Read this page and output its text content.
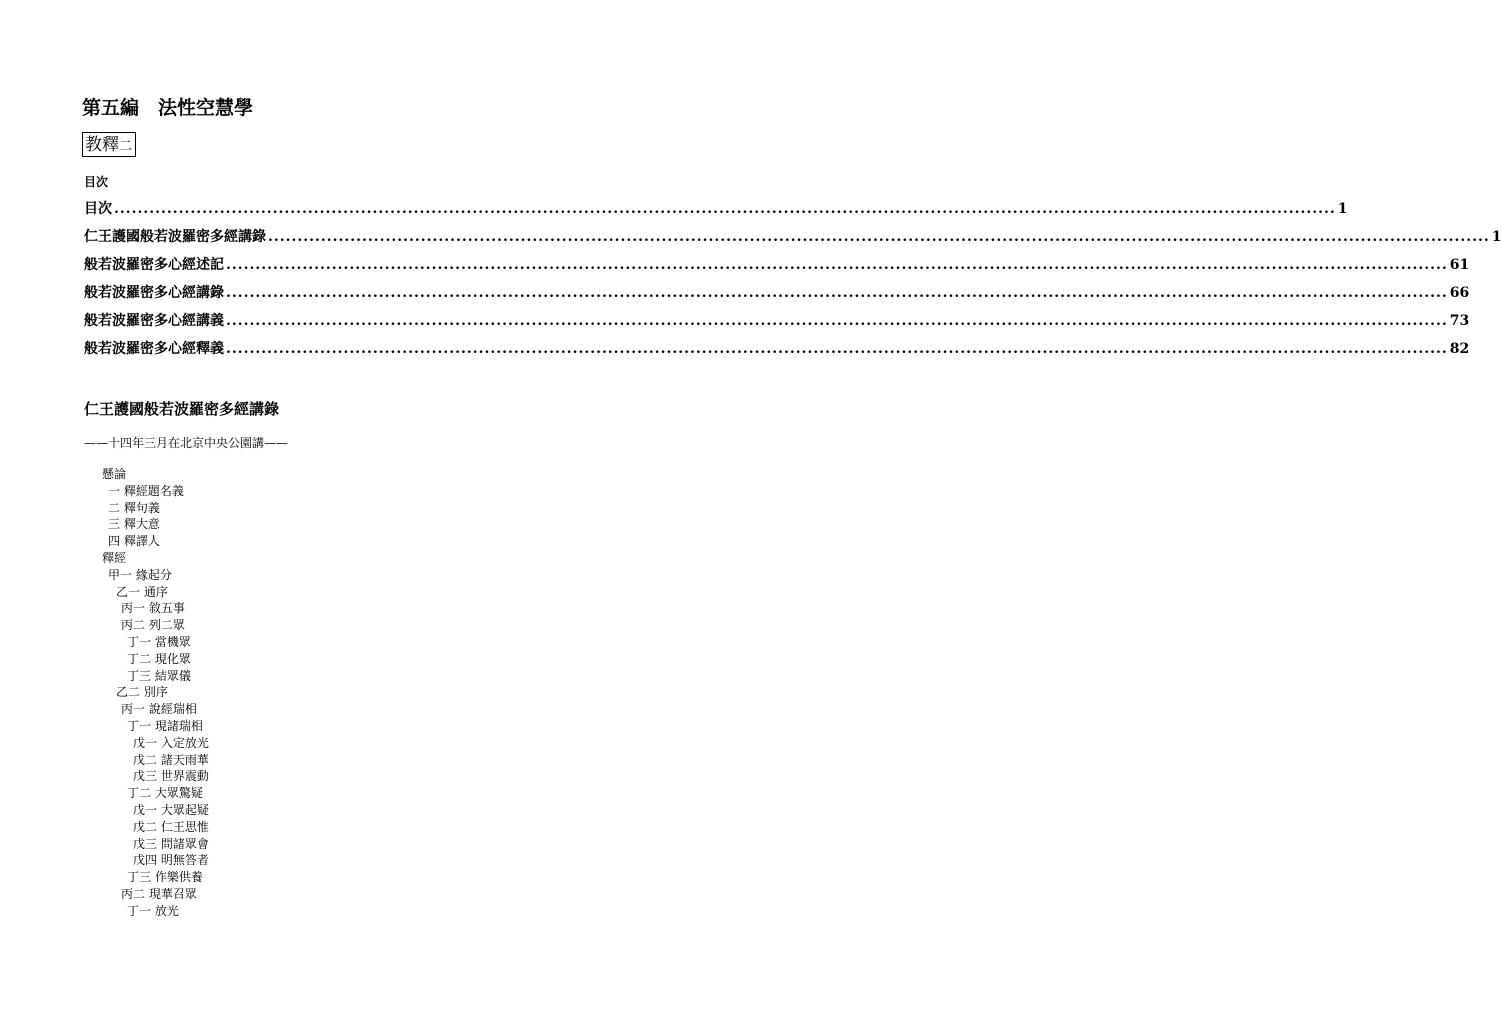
第五編　法性空慧學
教釋二
目次
目次 ................................................................................................................................................................................................................ 1
仁王護國般若波羅密多經講錄 ................................................................................................................................................................................................................ 1
般若波羅密多心經述記 ................................................................................................................................................................................................................ 61
般若波羅密多心經講錄 ................................................................................................................................................................................................................ 66
般若波羅密多心經講義 ................................................................................................................................................................................................................ 73
般若波羅密多心經釋義 ................................................................................................................................................................................................................ 82
仁王護國般若波羅密多經講錄
——十四年三月在北京中央公園講——
懸論
一 釋經題名義
二 釋句義
三 釋大意
四 釋譯人
釋經
甲一 緣起分
乙一 通序
丙一 敘五事
丙二 列二眾
丁一 當機眾
丁二 現化眾
丁三 結眾儀
乙二 別序
丙一 說經瑞相
丁一 現諸瑞相
戊一 入定放光
戊二 諸天雨華
戊三 世界震動
丁二 大眾驚疑
戊一 大眾起疑
戊二 仁王思惟
戊三 問諸眾會
戊四 明無答者
丁三 作樂供養
丙二 現華召眾
丁一 放光
